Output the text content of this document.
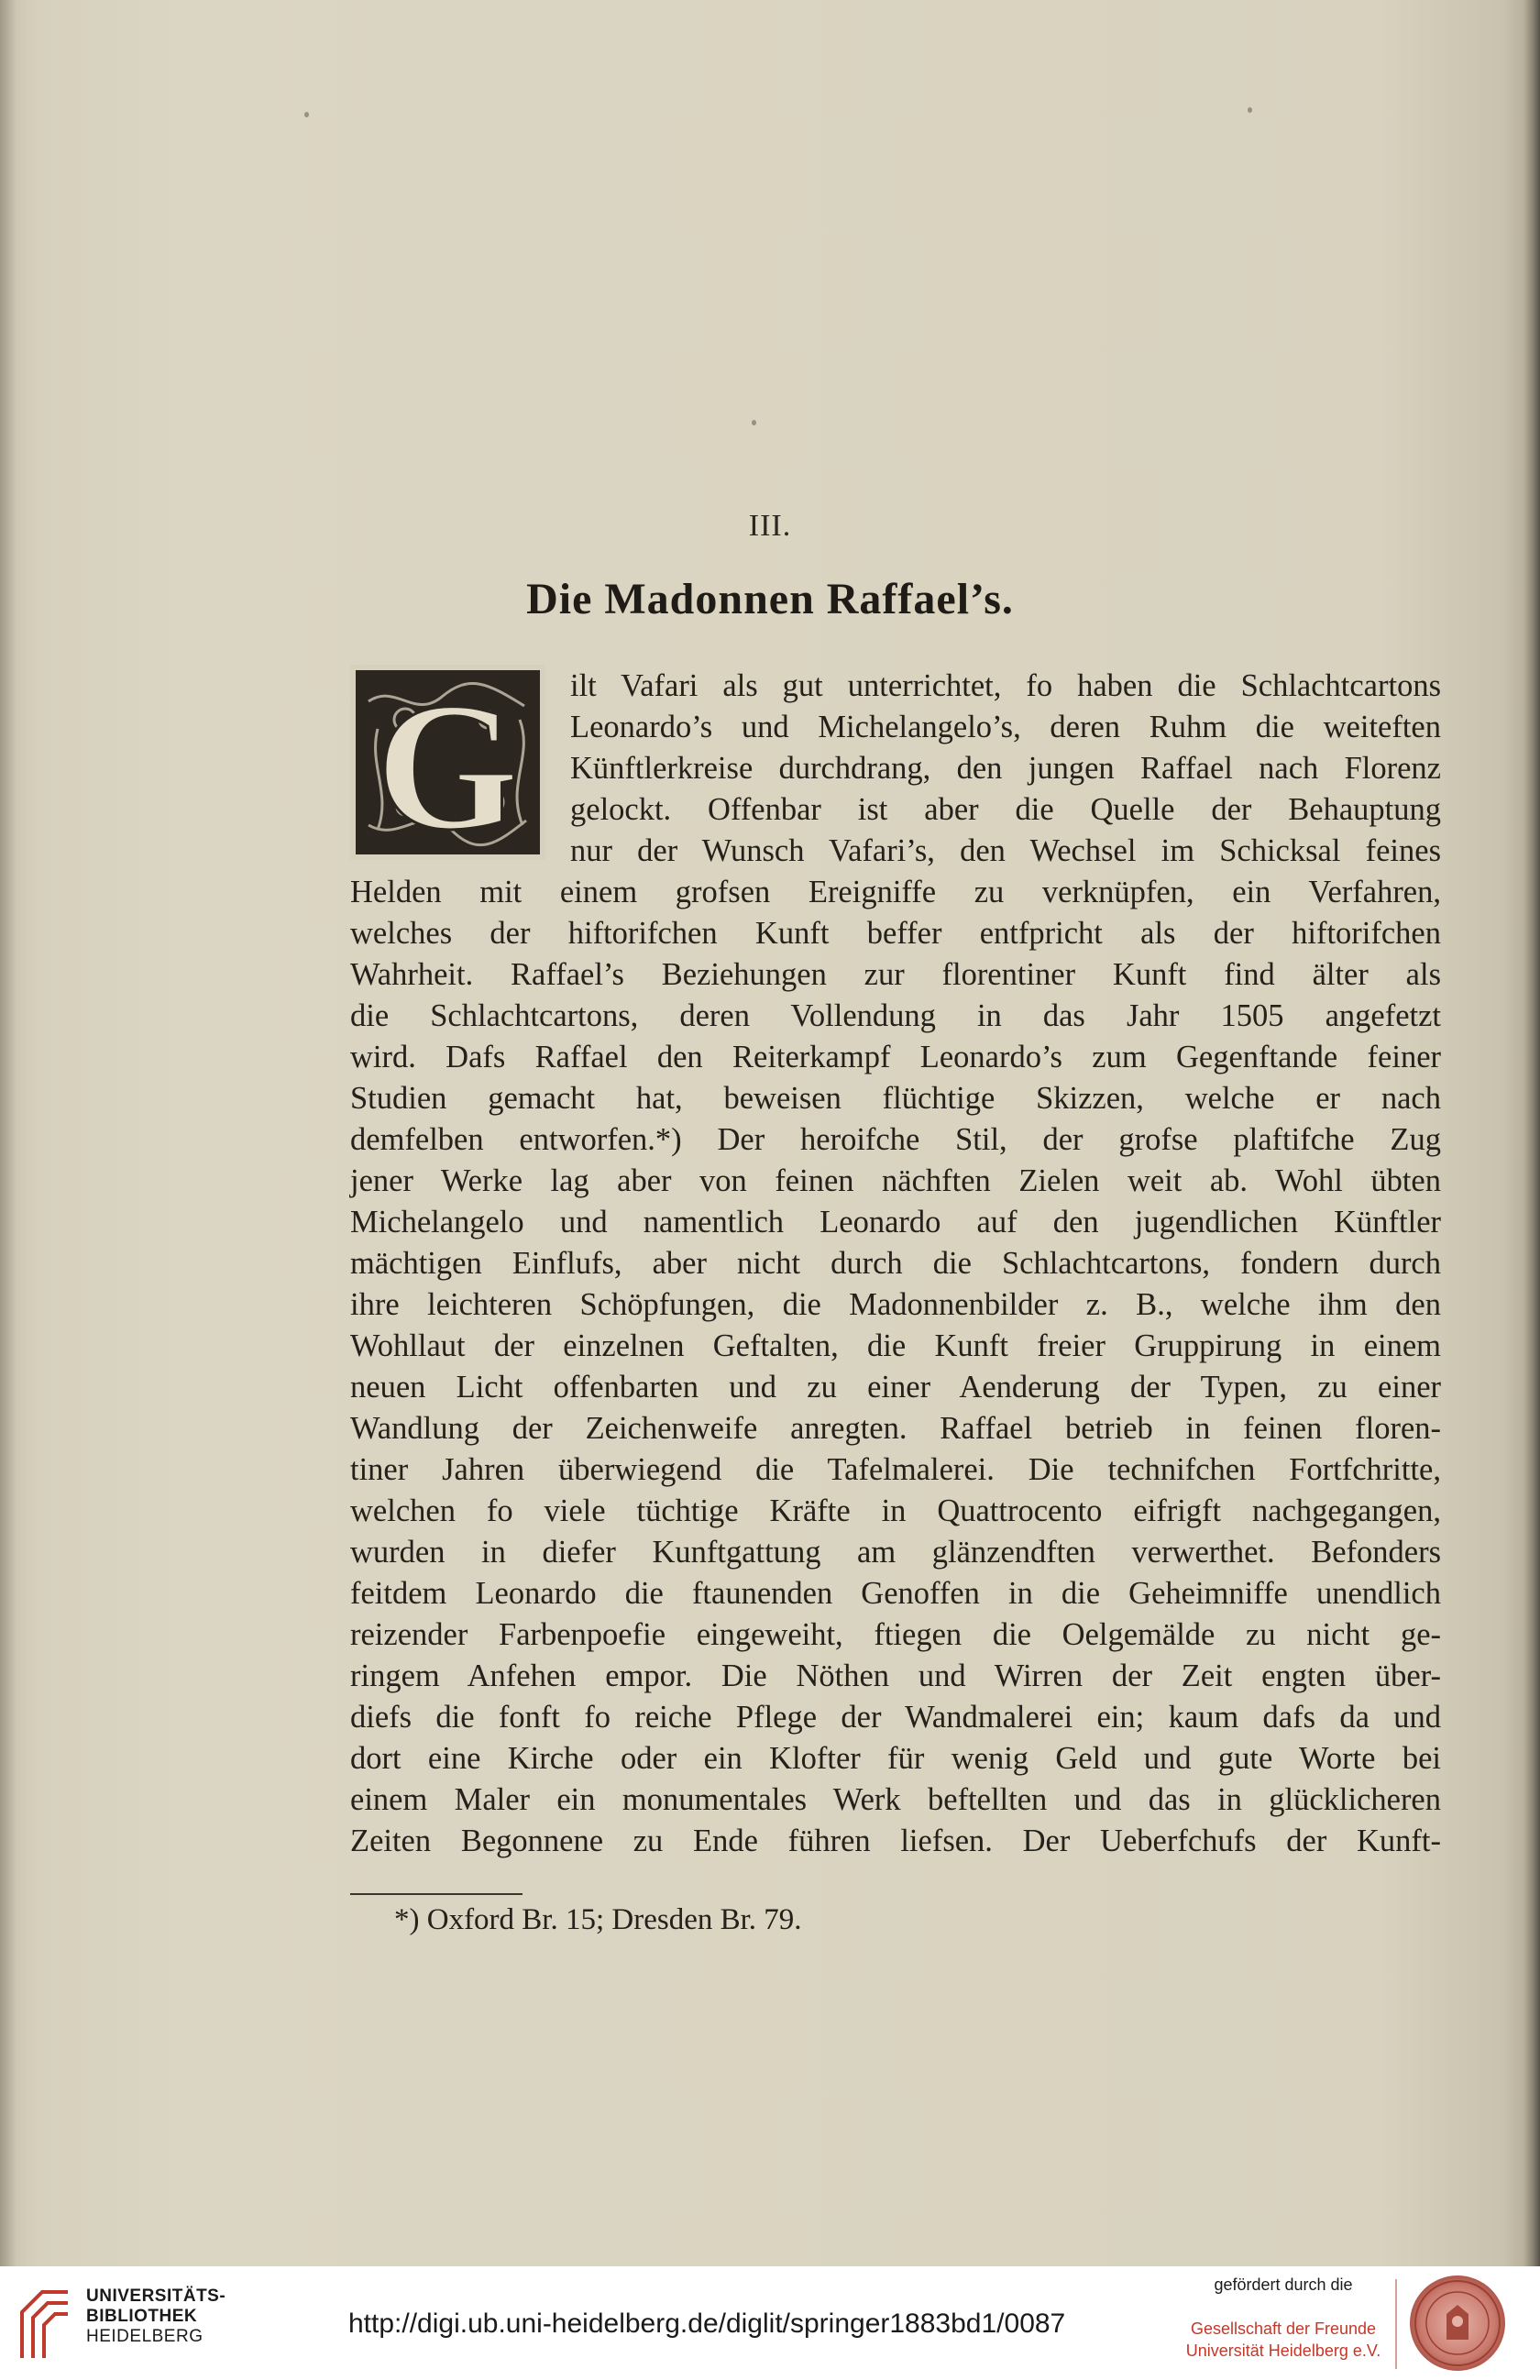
III.
Die Madonnen Raffael’s.
G ilt Vafari als gut unterrichtet, fo haben die Schlachtcartons

Leonardo’s und Michelangelo’s, deren Ruhm die weiteften

Künftlerkreise durchdrang, den jungen Raffael nach Florenz

gelockt. Offenbar ist aber die Quelle der Behauptung

nur der Wunsch Vafari’s, den Wechsel im Schicksal feines

Helden mit einem grofsen Ereigniffe zu verknüpfen, ein Verfahren,

welches der hiftorifchen Kunft beffer entfpricht als der hiftorifchen

Wahrheit. Raffael’s Beziehungen zur florentiner Kunft find älter als

die Schlachtcartons, deren Vollendung in das Jahr 1505 angefetzt

wird. Dafs Raffael den Reiterkampf Leonardo’s zum Gegenftande feiner

Studien gemacht hat, beweisen flüchtige Skizzen, welche er nach

demfelben entworfen.*) Der heroifche Stil, der grofse plaftifche Zug

jener Werke lag aber von feinen nächften Zielen weit ab. Wohl übten

Michelangelo und namentlich Leonardo auf den jugendlichen Künftler

mächtigen Einflufs, aber nicht durch die Schlachtcartons, fondern durch

ihre leichteren Schöpfungen, die Madonnenbilder z. B., welche ihm den

Wohllaut der einzelnen Geftalten, die Kunft freier Gruppirung in einem

neuen Licht offenbarten und zu einer Aenderung der Typen, zu einer

Wandlung der Zeichenweife anregten. Raffael betrieb in feinen floren-

tiner Jahren überwiegend die Tafelmalerei. Die technifchen Fortfchritte,

welchen fo viele tüchtige Kräfte in Quattrocento eifrigft nachgegangen,

wurden in diefer Kunftgattung am glänzendften verwerthet. Befonders

feitdem Leonardo die ftaunenden Genoffen in die Geheimniffe unendlich

reizender Farbenpoefie eingeweiht, ftiegen die Oelgemälde zu nicht ge-

ringem Anfehen empor. Die Nöthen und Wirren der Zeit engten über-

diefs die fonft fo reiche Pflege der Wandmalerei ein; kaum dafs da und

dort eine Kirche oder ein Klofter für wenig Geld und gute Worte bei

einem Maler ein monumentales Werk beftellten und das in glücklicheren

Zeiten Begonnene zu Ende führen liefsen. Der Ueberfchufs der Kunft-

*) Oxford Br. 15; Dresden Br. 79.
UNIVERSITÄTS-
BIBLIOTHEK
HEIDELBERG	http://digi.ub.uni-heidelberg.de/diglit/springer1883bd1/0087
gefördert durch die
Gesellschaft der Freunde
Universität Heidelberg e.V.
